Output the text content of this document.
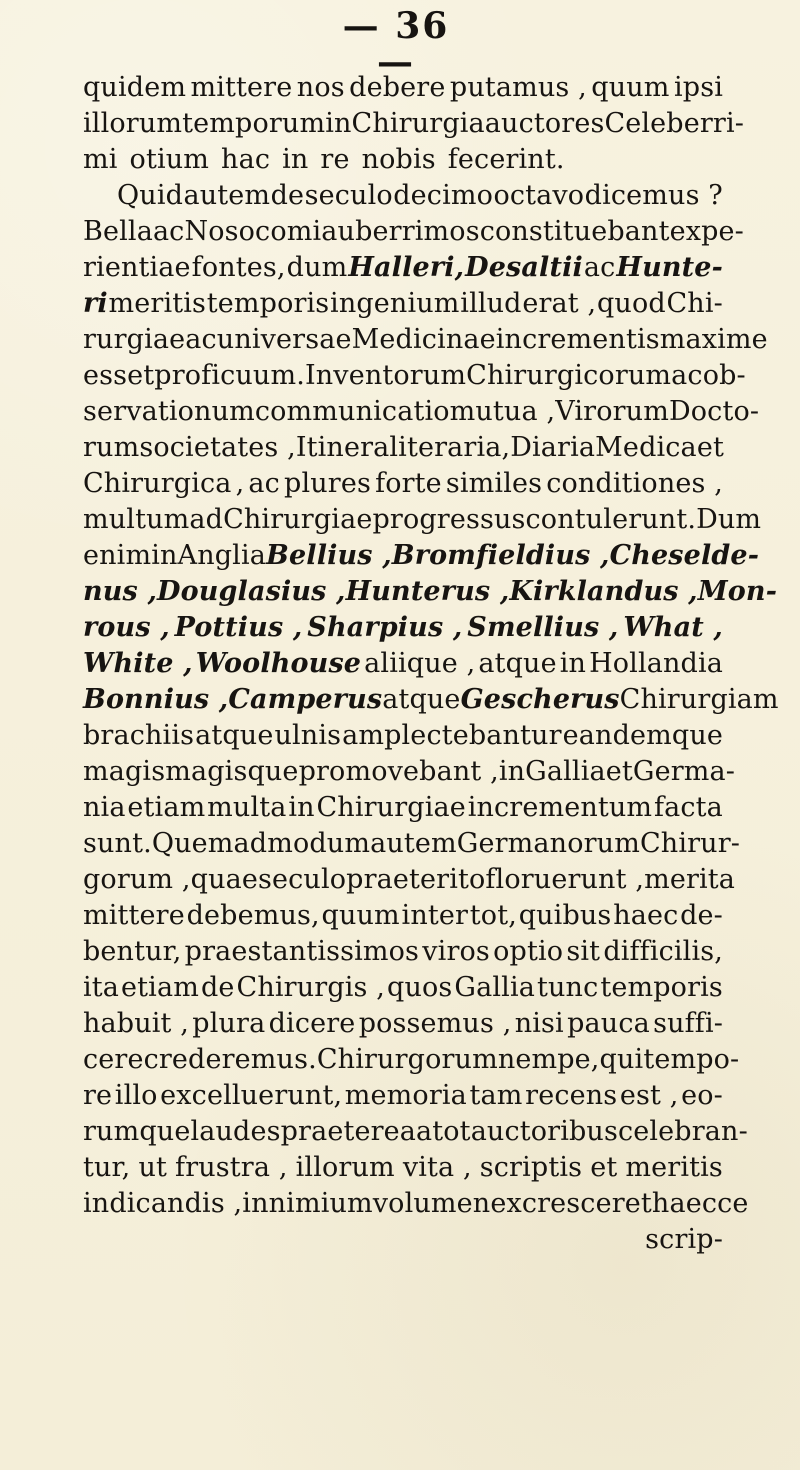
— 36 —
quidem mittere nos debere putamus , quum ipsi
illorum temporum in Chirurgia auctores Celeberri-
mi otium hac in re nobis fecerint.
Quid autem de seculo decimo octavo dicemus ?
Bella ac Nosocomia uberrimos constituebant expe-
rientiae fontes, dum Halleri, Desaltii ac Hunte-
ri meritis temporis ingenium illud erat , quod Chi-
rurgiae ac universae Medicinae incrementis maxime
esset proficuum. Inventorum Chirurgicorum ac ob-
servationum communicatio mutua , Virorum Docto-
rum societates , Itinera literaria, Diaria Medica et
Chirurgica , ac plures forte similes conditiones ,
multum ad Chirurgiae progressus contulerunt. Dum
enim in Anglia Bellius , Bromfieldius , Cheselde-
nus , Douglasius , Hunterus , Kirklandus , Mon-
rous , Pottius , Sharpius , Smellius , What ,
White , Woolhouse aliique , atque in Hollandia
Bonnius , Camperus atque Gescherus Chirurgiam
brachiis atque ulnis amplectebantur eandemque
magis magisque promovebant , in Gallia et Germa-
nia etiam multa in Chirurgiae incrementum facta
sunt. Quemadmodum autem Germanorum Chirur-
gorum , quae seculo praeterito floruerunt , merita
mittere debemus, quum inter tot, quibus haec de-
bentur, praestantissimos viros optio sit difficilis,
ita etiam de Chirurgis , quos Gallia tunc temporis
habuit , plura dicere possemus , nisi pauca suffi-
cere crederemus. Chirurgorum nempe, qui tempo-
re illo excelluerunt, memoria tam recens est , eo-
rumque laudes praeterea a tot auctoribus celebran-
tur, ut frustra , illorum vita , scriptis et meritis
indicandis , in nimium volumen excresceret haecce
scrip-
